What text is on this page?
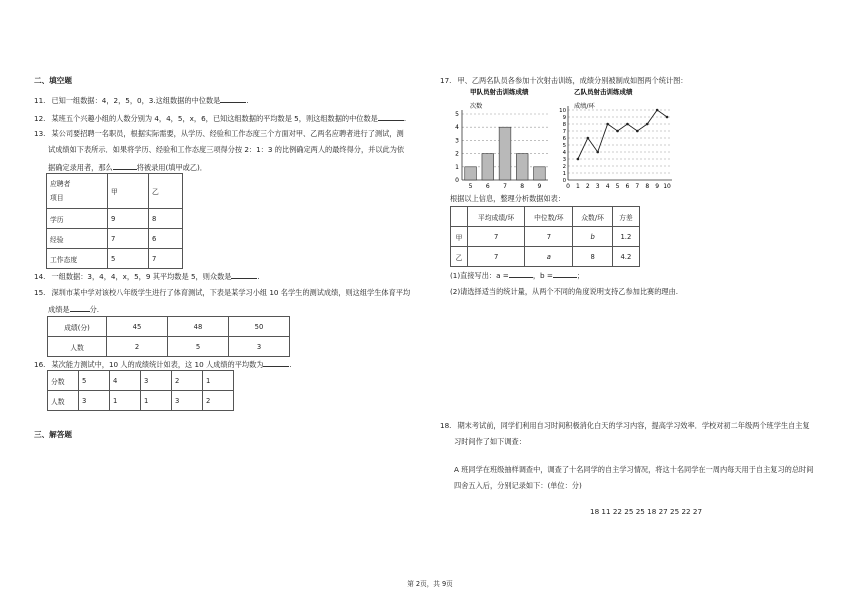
二、填空题
11. 已知一组数据：4，2，5，0，3.这组数据的中位数是	.
12. 某班五个兴趣小组的人数分别为 4，4，5，x，6，已知这组数据的平均数是 5，则这组数据的中位数是	.
13. 某公司要招聘一名职员，根据实际需要，从学历、经验和工作态度三个方面对甲、乙两名应聘者进行了测试，测
试成绩如下表所示．如果将学历、经验和工作态度三项得分按 2：1：3 的比例确定两人的最终得分，并以此为依
据确定录用者，那么	将被录用(填甲或乙)．
应聘者
项目	甲	乙
学历	9	8
经验	7	6
工作态度	5	7
14. 一组数据：3，4，4，x，5，9 其平均数是 5，则众数是	.
15. 深圳市某中学对该校八年级学生进行了体育测试，下表是某学习小组 10 名学生的测试成绩，则这组学生体育平均
成绩是	分.
成绩(分)	45	48	50
人数	2	5	3
16. 某次能力测试中，10 人的成绩统计如表，这 10 人成绩的平均数为	.
分数	5	4	3	2	1
人数	3	1	1	3	2
三、解答题
17. 甲、乙两名队员各参加十次射击训练，成绩分别被制成如图两个统计图：
甲队员射击训练成绩
次数
0
1
2
3
4
5
5 6 7 8 9
乙队员射击训练成绩
成绩/环
0
1
2
3
4
5
6
7
8
9
10
0 1 2 3 4 5 6 7 8 9 10
根据以上信息，整理分析数据如表：
	平均成绩/环	中位数/环	众数/环	方差
甲	7	7	b	1.2
乙	7	a	8	4.2
(1)直接写出：a =	，b =	；
(2)请选择适当的统计量，从两个不同的角度说明支持乙参加比赛的理由.
18. 期末考试前，同学们利用自习时间积极消化白天的学习内容，提高学习效率．学校对初二年级两个班学生自主复
习时间作了如下调查：
A 班同学在班级抽样调查中，调查了十名同学的自主学习情况，将这十名同学在一周内每天用于自主复习的总时间
四舍五入后，分别记录如下：(单位：分)
18 11 22 25 25 18 27 25 22 27
第 2页，共 9页
